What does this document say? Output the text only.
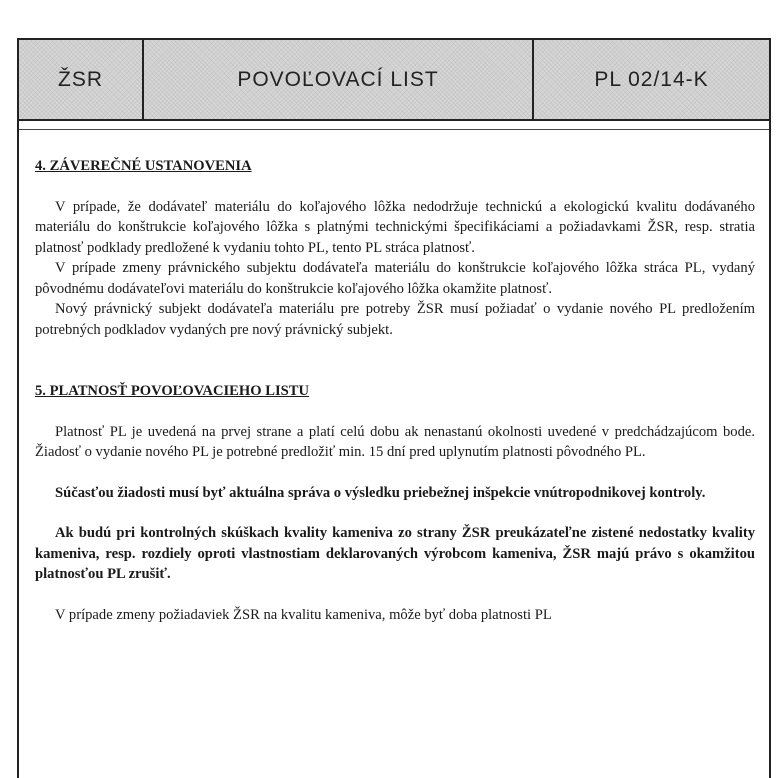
ŽSR	POVOĽOVACÍ LIST	PL 02/14-K
4. ZÁVEREČNÉ USTANOVENIA

V prípade, že dodávateľ materiálu do koľajového lôžka nedodržuje technickú a ekologickú kvalitu dodávaného materiálu do konštrukcie koľajového lôžka s platnými technickými špecifikáciami a požiadavkami ŽSR, resp. stratia platnosť podklady predložené k vydaniu tohto PL, tento PL stráca platnosť.

V prípade zmeny právnického subjektu dodávateľa materiálu do konštrukcie koľajového lôžka stráca PL, vydaný pôvodnému dodávateľovi materiálu do konštrukcie koľajového lôžka okamžite platnosť.

Nový právnický subjekt dodávateľa materiálu pre potreby ŽSR musí požiadať o vydanie nového PL predložením potrebných podkladov vydaných pre nový právnický subjekt.

5. PLATNOSŤ POVOĽOVACIEHO LISTU

Platnosť PL je uvedená na prvej strane a platí celú dobu ak nenastanú okolnosti uvedené v predchádzajúcom bode. Žiadosť o vydanie nového PL je potrebné predložiť min. 15 dní pred uplynutím platnosti pôvodného PL.

Súčasťou žiadosti musí byť aktuálna správa o výsledku priebežnej inšpekcie vnútropodnikovej kontroly.

Ak budú pri kontrolných skúškach kvality kameniva zo strany ŽSR preukázateľne zistené nedostatky kvality kameniva, resp. rozdiely oproti vlastnostiam deklarovaných výrobcom kameniva, ŽSR majú právo s okamžitou platnosťou PL zrušiť.

V prípade zmeny požiadaviek ŽSR na kvalitu kameniva, môže byť doba platnosti PL
